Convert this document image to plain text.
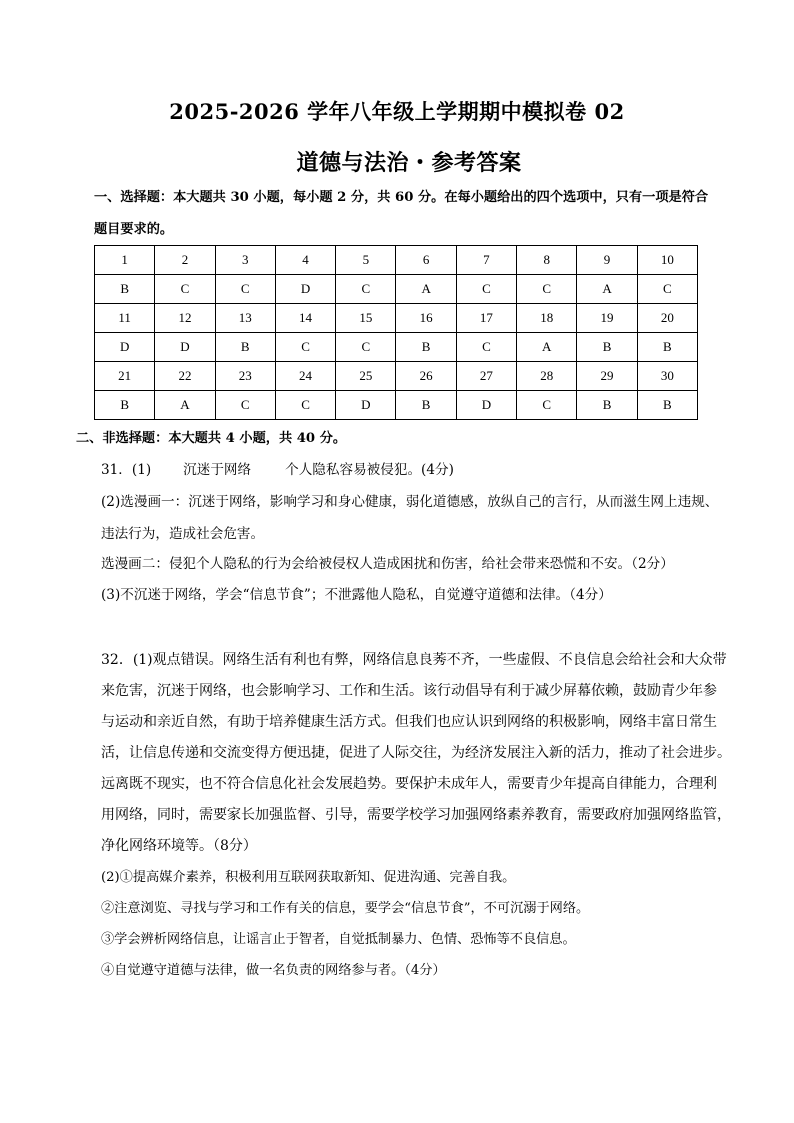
2025-2026 学年八年级上学期期中模拟卷 02
道德与法治・参考答案
一、选择题：本大题共 30 小题，每小题 2 分，共 60 分。在每小题给出的四个选项中，只有一项是符合
题目要求的。
1	2	3	4	5	6	7	8	9	10
B	C	C	D	C	A	C	C	A	C
11	12	13	14	15	16	17	18	19	20
D	D	B	C	C	B	C	A	B	B
21	22	23	24	25	26	27	28	29	30
B	A	C	C	D	B	D	C	B	B
二、非选择题：本大题共 4 小题，共 40 分。
31．(1) 沉迷于网络	个人隐私容易被侵犯。(4分)
(2)选漫画一：沉迷于网络，影响学习和身心健康，弱化道德感，放纵自己的言行，从而滋生网上违规、
违法行为，造成社会危害。
选漫画二：侵犯个人隐私的行为会给被侵权人造成困扰和伤害，给社会带来恐慌和不安。（2分）
(3)不沉迷于网络，学会“信息节食”；不泄露他人隐私，自觉遵守道德和法律。（4分）
32．(1)观点错误。网络生活有利也有弊，网络信息良莠不齐，一些虚假、不良信息会给社会和大众带
来危害，沉迷于网络，也会影响学习、工作和生活。该行动倡导有利于减少屏幕依赖，鼓励青少年参
与运动和亲近自然，有助于培养健康生活方式。但我们也应认识到网络的积极影响，网络丰富日常生
活，让信息传递和交流变得方便迅捷，促进了人际交往，为经济发展注入新的活力，推动了社会进步。
远离既不现实，也不符合信息化社会发展趋势。要保护未成年人，需要青少年提高自律能力，合理利
用网络，同时，需要家长加强监督、引导，需要学校学习加强网络素养教育，需要政府加强网络监管，
净化网络环境等。（8分）
(2)①提高媒介素养，积极利用互联网获取新知、促进沟通、完善自我。
②注意浏览、寻找与学习和工作有关的信息，要学会“信息节食”，不可沉溺于网络。
③学会辨析网络信息，让谣言止于智者，自觉抵制暴力、色情、恐怖等不良信息。
④自觉遵守道德与法律，做一名负责的网络参与者。（4分）
